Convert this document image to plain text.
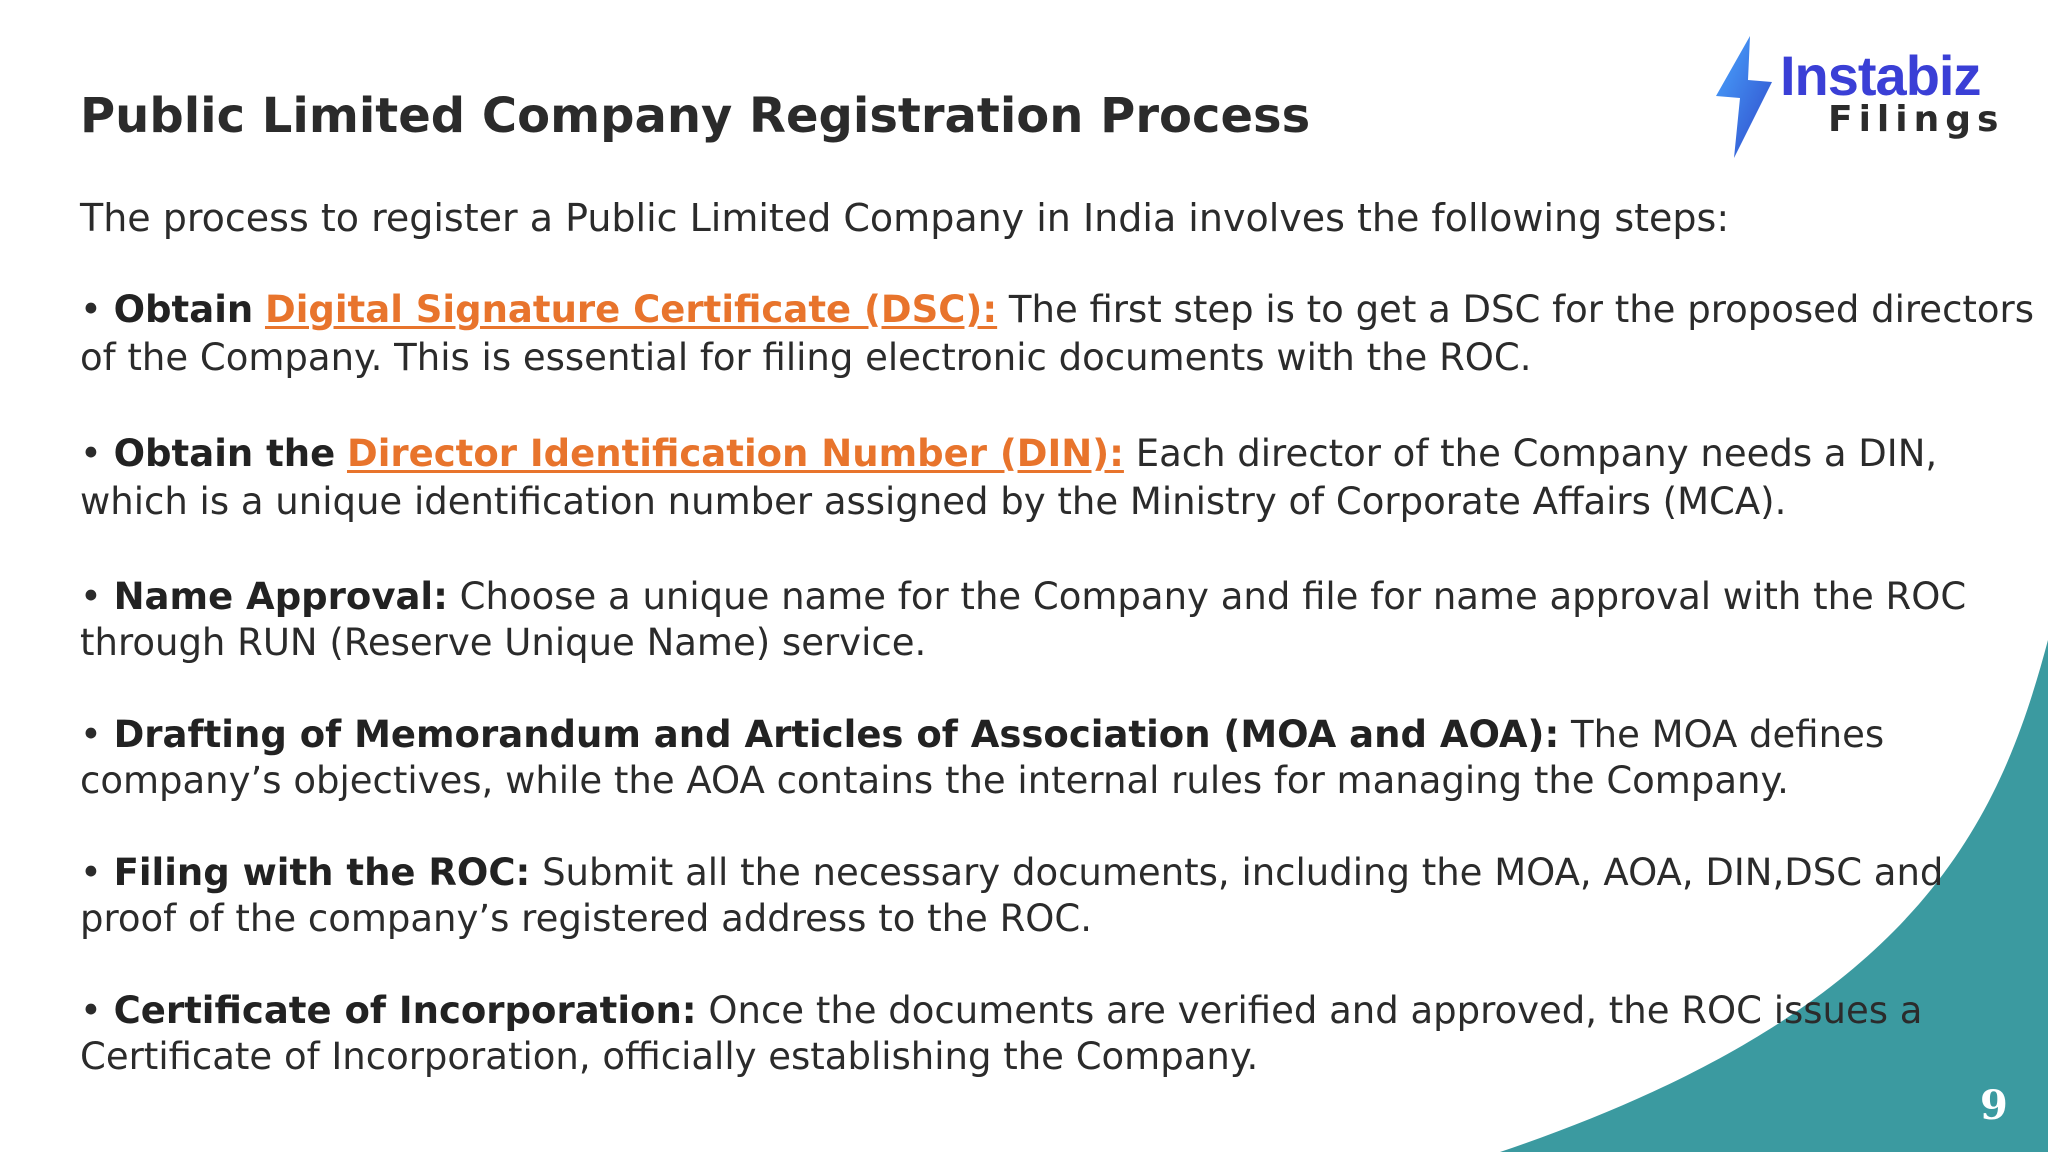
Instabiz
Filings
Public Limited Company Registration Process

The process to register a Public Limited Company in India involves the following steps:

• Obtain Digital Signature Certificate (DSC): The first step is to get a DSC for the proposed directors
of the Company. This is essential for filing electronic documents with the ROC.

• Obtain the Director Identification Number (DIN): Each director of the Company needs a DIN,
which is a unique identification number assigned by the Ministry of Corporate Affairs (MCA).

• Name Approval: Choose a unique name for the Company and file for name approval with the ROC
through RUN (Reserve Unique Name) service.

• Drafting of Memorandum and Articles of Association (MOA and AOA): The MOA defines
company’s objectives, while the AOA contains the internal rules for managing the Company.

• Filing with the ROC: Submit all the necessary documents, including the MOA, AOA, DIN,DSC and
proof of the company’s registered address to the ROC.

• Certificate of Incorporation: Once the documents are verified and approved, the ROC issues a
Certificate of Incorporation, officially establishing the Company.

9
